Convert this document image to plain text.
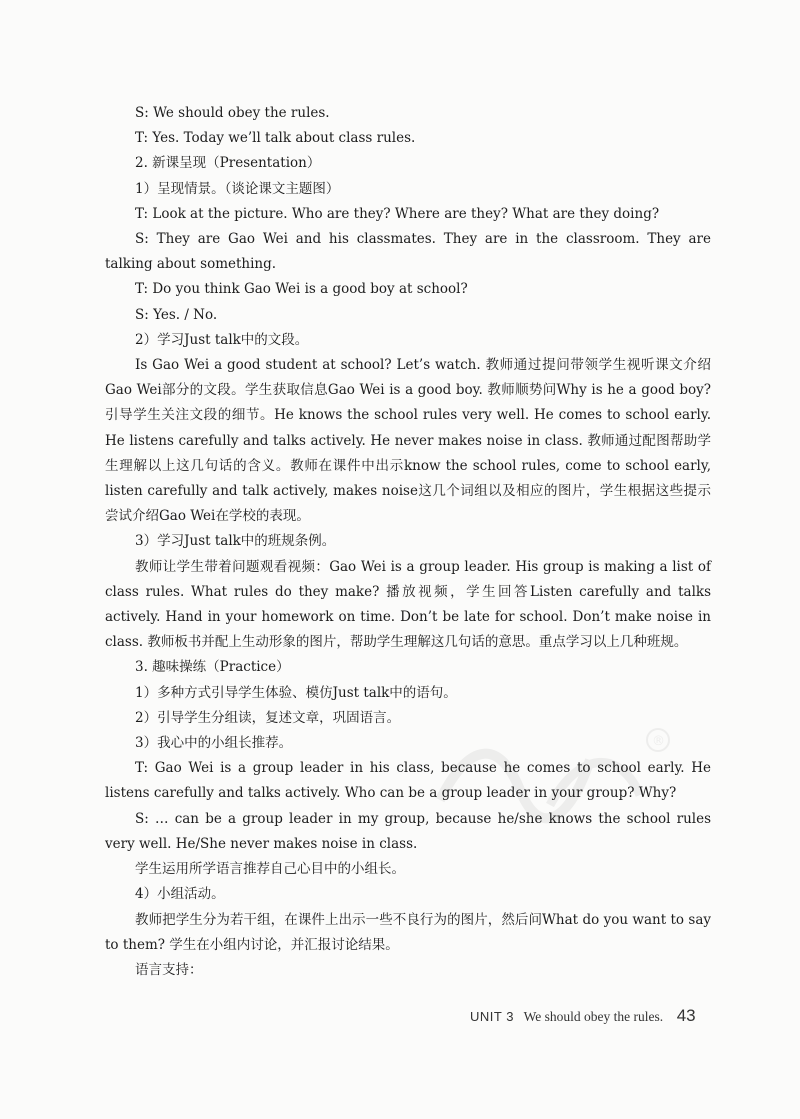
®

S: We should obey the rules.

T: Yes. Today we’ll talk about class rules.

2. 新课呈现（Presentation）

1）呈现情景。（谈论课文主题图）

T: Look at the picture. Who are they? Where are they? What are they doing?

S: They are Gao Wei and his classmates. They are in the classroom. They are talking about something.

T: Do you think Gao Wei is a good boy at school?

S: Yes. / No.

2）学习Just talk中的文段。

Is Gao Wei a good student at school? Let’s watch. 教师通过提问带领学生视听课文介绍Gao Wei部分的文段。学生获取信息Gao Wei is a good boy. 教师顺势问Why is he a good boy? 引导学生关注文段的细节。He knows the school rules very well. He comes to school early. He listens carefully and talks actively. He never makes noise in class. 教师通过配图帮助学生理解以上这几句话的含义。教师在课件中出示know the school rules, come to school early, listen carefully and talk actively, makes noise这几个词组以及相应的图片，学生根据这些提示尝试介绍Gao Wei在学校的表现。

3）学习Just talk中的班规条例。

教师让学生带着问题观看视频：Gao Wei is a group leader. His group is making a list of class rules. What rules do they make? 播放视频，学生回答Listen carefully and talks actively. Hand in your homework on time. Don’t be late for school. Don’t make noise in class. 教师板书并配上生动形象的图片，帮助学生理解这几句话的意思。重点学习以上几种班规。

3. 趣味操练（Practice）

1）多种方式引导学生体验、模仿Just talk中的语句。

2）引导学生分组读，复述文章，巩固语言。

3）我心中的小组长推荐。

T: Gao Wei is a group leader in his class, because he comes to school early. He listens carefully and talks actively. Who can be a group leader in your group? Why?

S: … can be a group leader in my group, because he/she knows the school rules very well. He/She never makes noise in class.

学生运用所学语言推荐自己心目中的小组长。

4）小组活动。

教师把学生分为若干组，在课件上出示一些不良行为的图片，然后问What do you want to say to them? 学生在小组内讨论，并汇报讨论结果。

语言支持：

UNIT 3 We should obey the rules. 43
